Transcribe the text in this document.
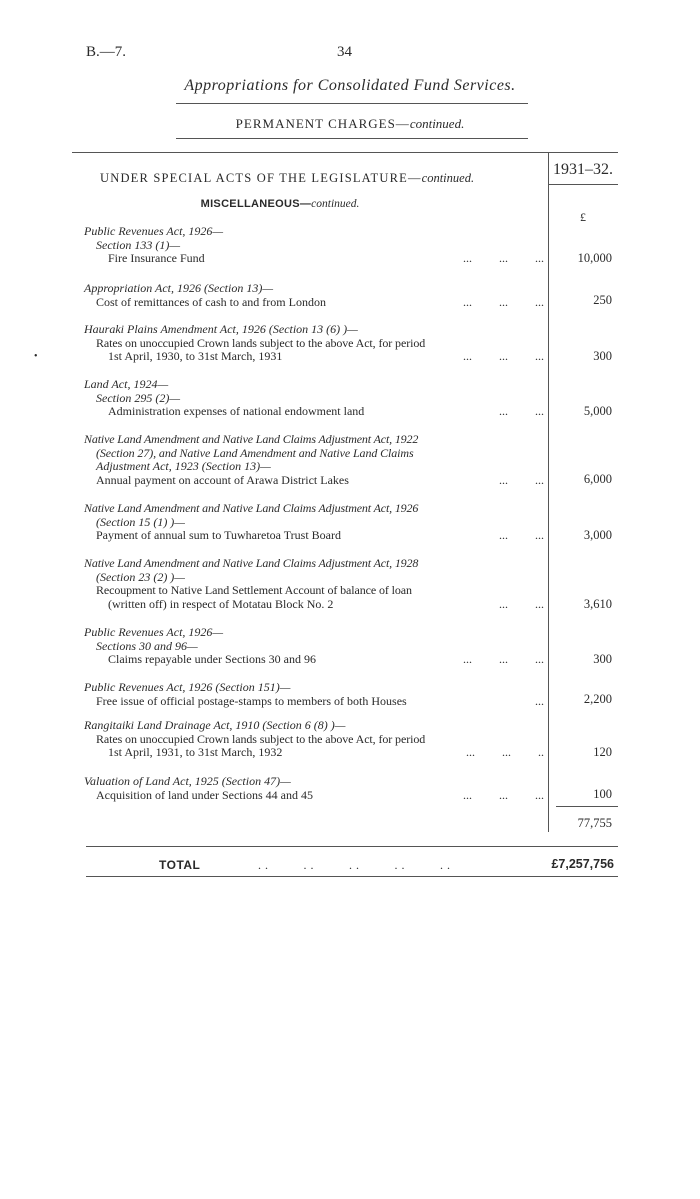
B.—7.	34
Appropriations for Consolidated Fund Services.
PERMANENT CHARGES—continued.
UNDER SPECIAL ACTS OF THE LEGISLATURE—continued.	1931–32.
MISCELLANEOUS—continued.
£
•
Public Revenues Act, 1926—
Section 133 (1)—
Fire Insurance Fund	...         ...         ...	10,000
Appropriation Act, 1926 (Section 13)—
Cost of remittances of cash to and from London	...         ...         ...	250
Hauraki Plains Amendment Act, 1926 (Section 13 (6) )—
Rates on unoccupied Crown lands subject to the above Act, for period
1st April, 1930, to 31st March, 1931	...         ...         ...	300
Land Act, 1924—
Section 295 (2)—
Administration expenses of national endowment land	...         ...	5,000
Native Land Amendment and Native Land Claims Adjustment Act, 1922
(Section 27), and Native Land Amendment and Native Land Claims
Adjustment Act, 1923 (Section 13)—
Annual payment on account of Arawa District Lakes	...         ...	6,000
Native Land Amendment and Native Land Claims Adjustment Act, 1926
(Section 15 (1) )—
Payment of annual sum to Tuwharetoa Trust Board	...         ...	3,000
Native Land Amendment and Native Land Claims Adjustment Act, 1928
(Section 23 (2) )—
Recoupment to Native Land Settlement Account of balance of loan
(written off) in respect of Motatau Block No. 2	...         ...	3,610
Public Revenues Act, 1926—
Sections 30 and 96—
Claims repayable under Sections 30 and 96	...         ...         ...	300
Public Revenues Act, 1926 (Section 151)—
Free issue of official postage-stamps to members of both Houses	...	2,200
Rangitaiki Land Drainage Act, 1910 (Section 6 (8) )—
Rates on unoccupied Crown lands subject to the above Act, for period
1st April, 1931, to 31st March, 1932	...         ...         ..	120
Valuation of Land Act, 1925 (Section 47)—
Acquisition of land under Sections 44 and 45	...         ...         ...	100
77,755
TOTAL	. .          . .          . .          . .          . .	£7,257,756
